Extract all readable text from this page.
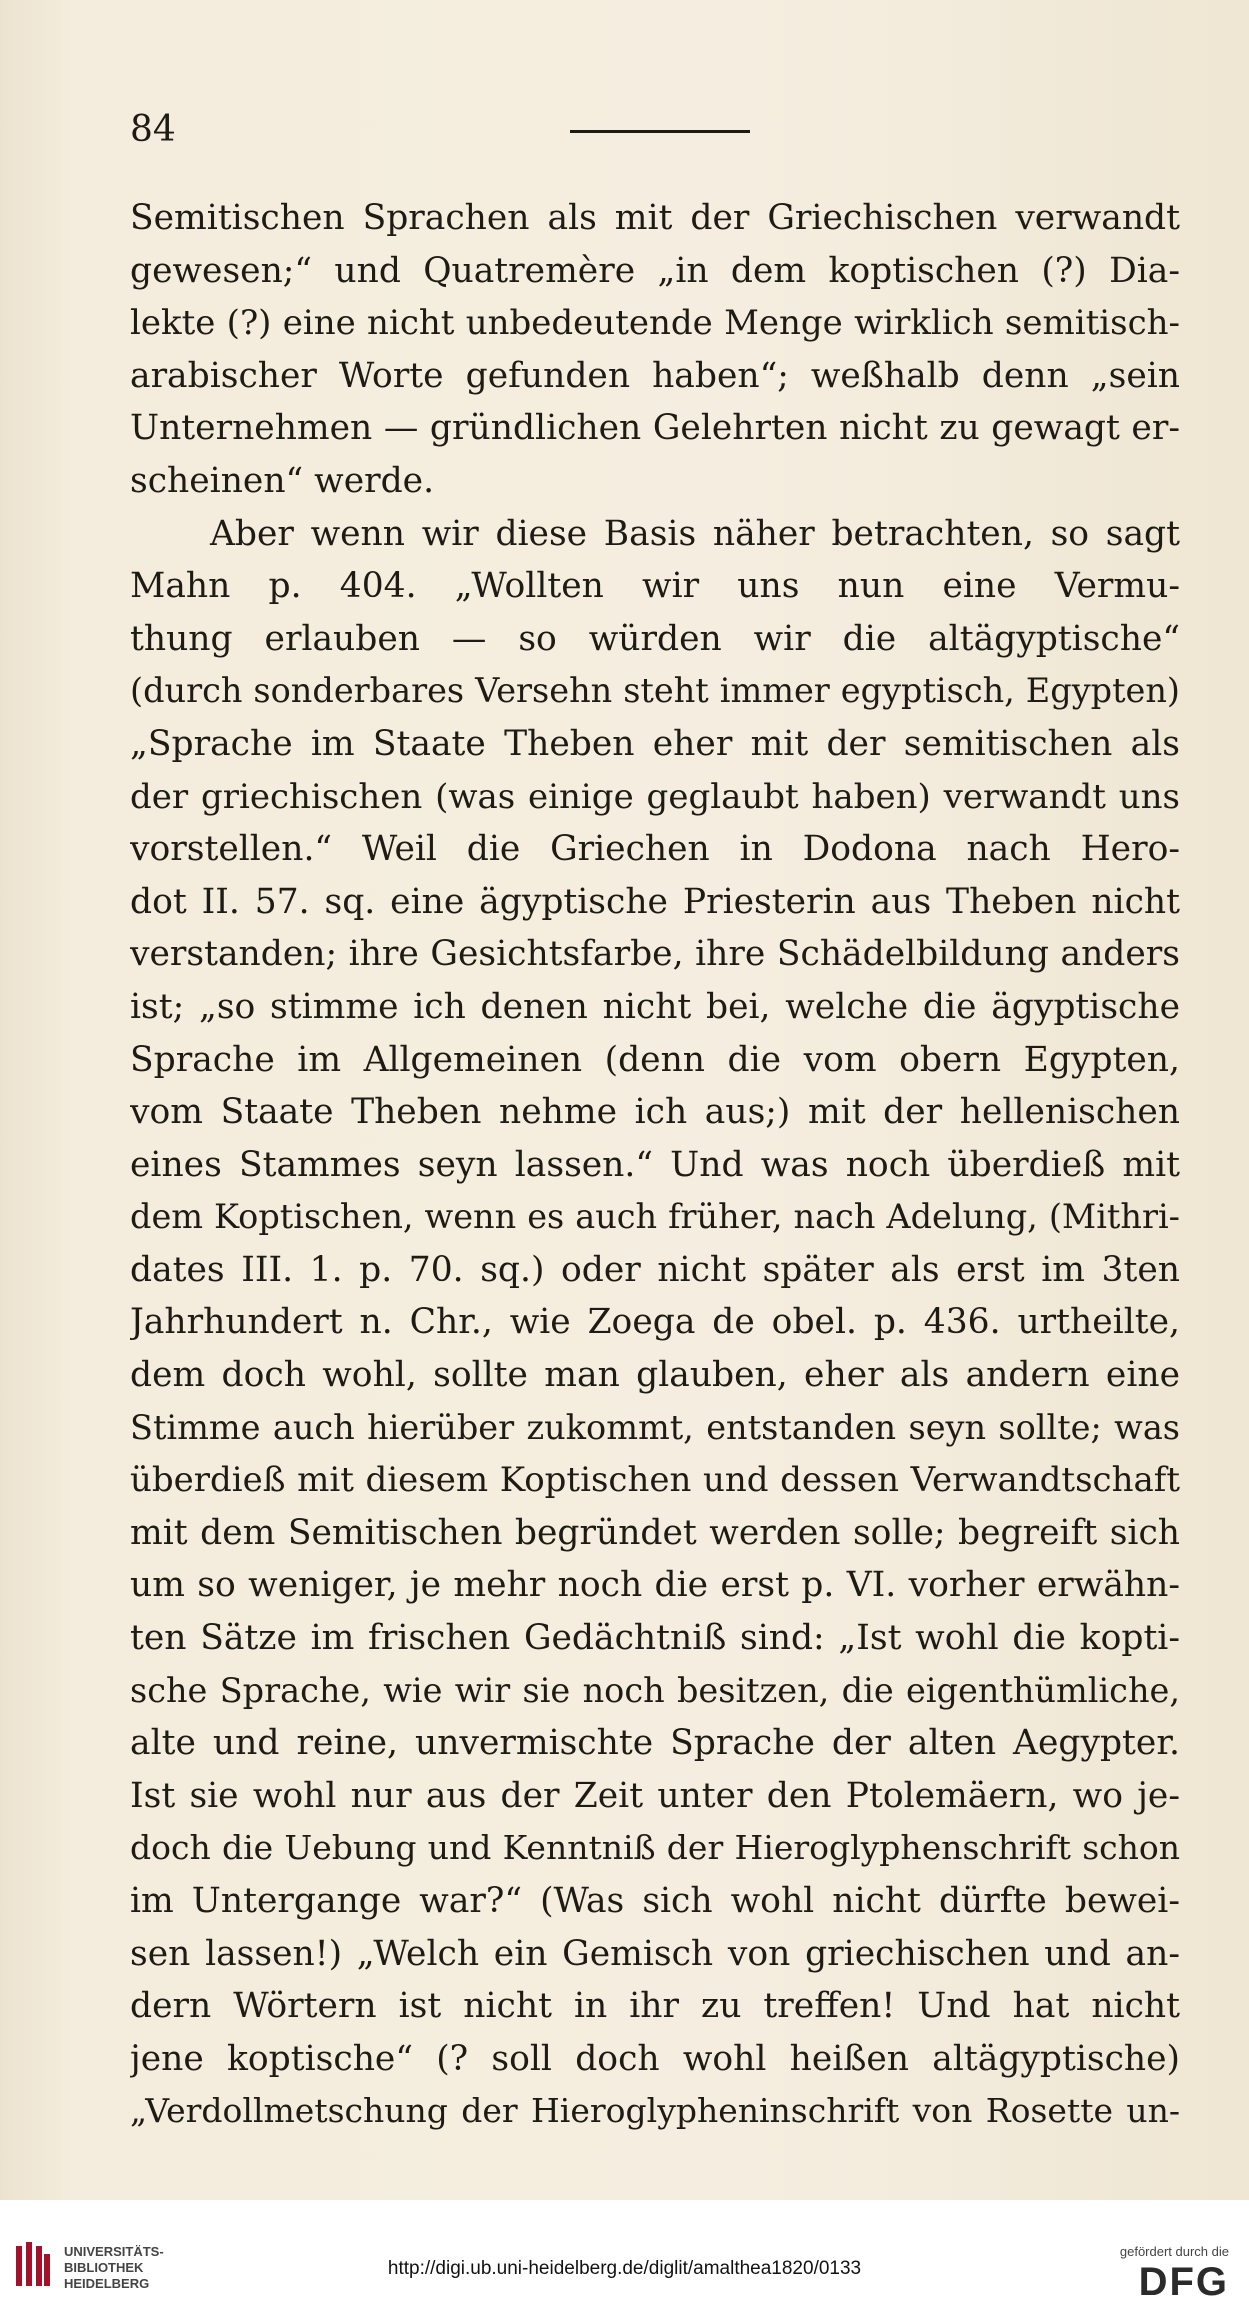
84
Semitischen Sprachen als mit der Griechischen verwandt
gewesen;“ und Quatremère „in dem koptischen (?) Dia-
lekte (?) eine nicht unbedeutende Menge wirklich semitisch-
arabischer Worte gefunden haben“; weßhalb denn „sein
Unternehmen — gründlichen Gelehrten nicht zu gewagt er-
scheinen“ werde.
Aber wenn wir diese Basis näher betrachten, so sagt
Mahn p. 404. „Wollten wir uns nun eine Vermu-
thung erlauben — so würden wir die altägyptische“
(durch sonderbares Versehn steht immer egyptisch, Egypten)
„Sprache im Staate Theben eher mit der semitischen als
der griechischen (was einige geglaubt haben) verwandt uns
vorstellen.“ Weil die Griechen in Dodona nach Hero-
dot II. 57. sq. eine ägyptische Priesterin aus Theben nicht
verstanden; ihre Gesichtsfarbe, ihre Schädelbildung anders
ist; „so stimme ich denen nicht bei, welche die ägyptische
Sprache im Allgemeinen (denn die vom obern Egypten,
vom Staate Theben nehme ich aus;) mit der hellenischen
eines Stammes seyn lassen.“ Und was noch überdieß mit
dem Koptischen, wenn es auch früher, nach Adelung, (Mithri-
dates III. 1. p. 70. sq.) oder nicht später als erst im 3ten
Jahrhundert n. Chr., wie Zoega de obel. p. 436. urtheilte,
dem doch wohl, sollte man glauben, eher als andern eine
Stimme auch hierüber zukommt, entstanden seyn sollte; was
überdieß mit diesem Koptischen und dessen Verwandtschaft
mit dem Semitischen begründet werden solle; begreift sich
um so weniger, je mehr noch die erst p. VI. vorher erwähn-
ten Sätze im frischen Gedächtniß sind: „Ist wohl die kopti-
sche Sprache, wie wir sie noch besitzen, die eigenthümliche,
alte und reine, unvermischte Sprache der alten Aegypter.
Ist sie wohl nur aus der Zeit unter den Ptolemäern, wo je-
doch die Uebung und Kenntniß der Hieroglyphenschrift schon
im Untergange war?“ (Was sich wohl nicht dürfte bewei-
sen lassen!) „Welch ein Gemisch von griechischen und an-
dern Wörtern ist nicht in ihr zu treffen! Und hat nicht
jene koptische“ (? soll doch wohl heißen altägyptische)
„Verdollmetschung der Hieroglypheninschrift von Rosette un-
UNIVERSITÄTS-
BIBLIOTHEK
HEIDELBERG
http://digi.ub.uni-heidelberg.de/diglit/amalthea1820/0133
gefördert durch die
DFG
